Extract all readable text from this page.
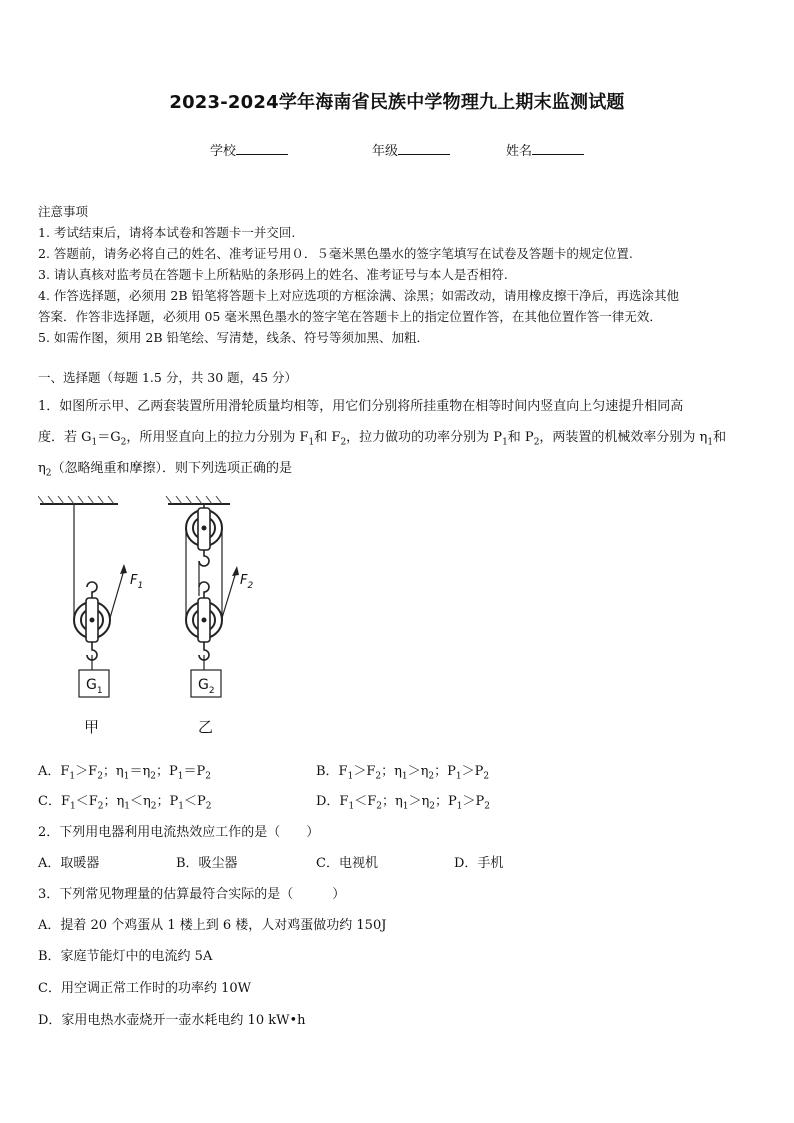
2023-2024学年海南省民族中学物理九上期末监测试题
学校	年级	姓名
注意事项
1. 考试结束后，请将本试卷和答题卡一并交回.
2. 答题前，请务必将自己的姓名、准考证号用０．５毫米黑色墨水的签字笔填写在试卷及答题卡的规定位置.
3. 请认真核对监考员在答题卡上所粘贴的条形码上的姓名、准考证号与本人是否相符.
4. 作答选择题，必须用 2B 铅笔将答题卡上对应选项的方框涂满、涂黑；如需改动，请用橡皮擦干净后，再选涂其他
答案．作答非选择题，必须用 05 毫米黑色墨水的签字笔在答题卡上的指定位置作答，在其他位置作答一律无效．
5. 如需作图，须用 2B 铅笔绘、写清楚，线条、符号等须加黑、加粗．
一、选择题（每题 1.5 分，共 30 题，45 分）
1．如图所示甲、乙两套装置所用滑轮质量均相等，用它们分别将所挂重物在相等时间内竖直向上匀速提升相同高
度．若 $G_1=G_2$，所用竖直向上的拉力分别为 $F_1$和 $F_2$，拉力做功的功率分别为 $P_1$和 $P_2$，两装置的机械效率分别为 $\eta_1$和
$\eta_2$（忽略绳重和摩擦）．则下列选项正确的是
$G_1$
$F_1$
甲
$G_2$
$F_2$
乙
A．$F_1>F_2$；$\eta_1=\eta_2$；$P_1=P_2$	B．$F_1>F_2$；$\eta_1>\eta_2$；$P_1>P_2$
C．$F_1<F_2$；$\eta_1<\eta_2$；$P_1<P_2$	D．$F_1<F_2$；$\eta_1>\eta_2$；$P_1>P_2$
2．下列用电器利用电流热效应工作的是（　　）
A．取暖器	B．吸尘器	C．电视机	D．手机
3．下列常见物理量的估算最符合实际的是（　　　）
A．提着 20 个鸡蛋从 1 楼上到 6 楼，人对鸡蛋做功约 150J
B．家庭节能灯中的电流约 5A
C．用空调正常工作时的功率约 10W
D．家用电热水壶烧开一壶水耗电约 10 kW•h
